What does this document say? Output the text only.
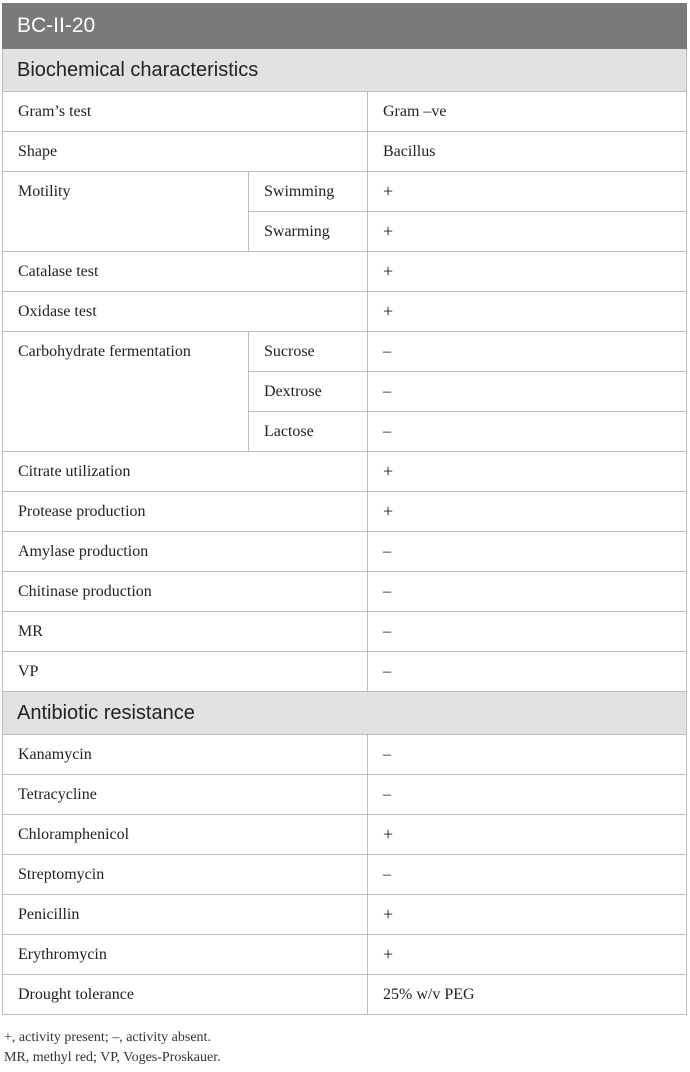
BC-II-20		
Biochemical characteristics		
Gram’s test		Gram –ve
Shape		Bacillus
Motility	Swimming	+
	Swarming	+
Catalase test		+
Oxidase test		+
Carbohydrate fermentation	Sucrose	–
	Dextrose	–
	Lactose	–
Citrate utilization		+
Protease production		+
Amylase production		–
Chitinase production		–
MR		–
VP		–
Antibiotic resistance		
Kanamycin		–
Tetracycline		–
Chloramphenicol		+
Streptomycin		–
Penicillin		+
Erythromycin		+
Drought tolerance		25% w/v PEG
+, activity present; –, activity absent.
MR, methyl red; VP, Voges-Proskauer.
